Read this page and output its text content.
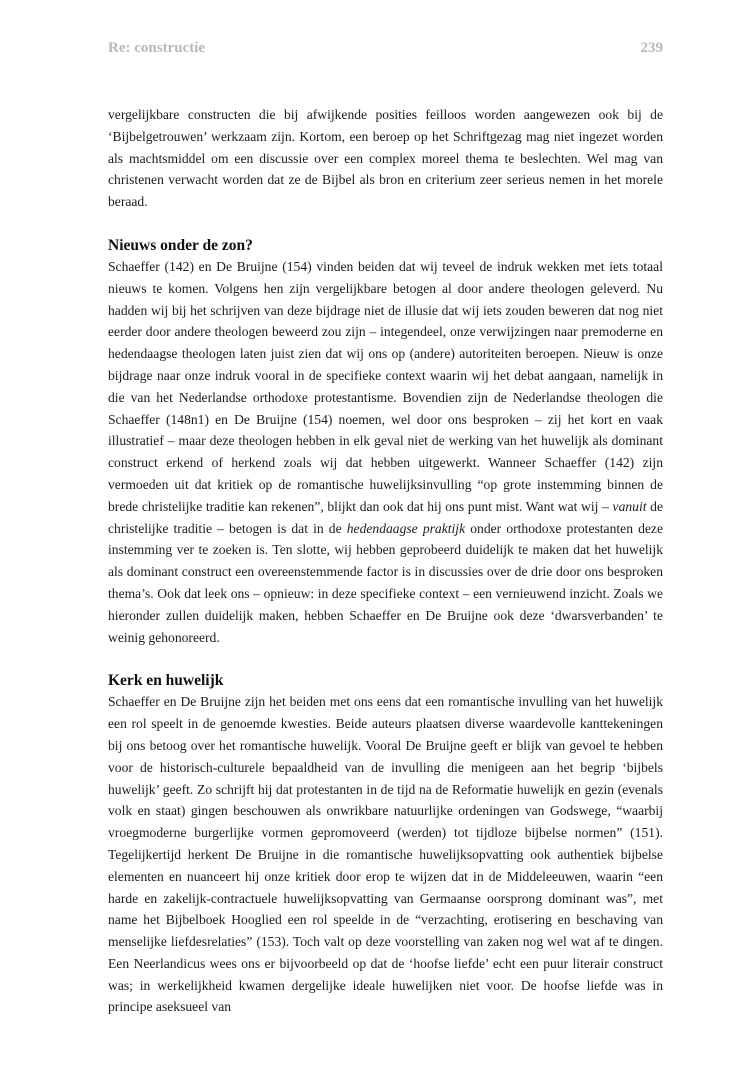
Re: constructie	239

vergelijkbare constructen die bij afwijkende posities feilloos worden aangewezen ook bij de ‘Bijbelgetrouwen’ werkzaam zijn. Kortom, een beroep op het Schriftgezag mag niet ingezet worden als machtsmiddel om een discussie over een complex moreel thema te beslechten. Wel mag van christenen verwacht worden dat ze de Bijbel als bron en criterium zeer serieus nemen in het morele beraad.

Nieuws onder de zon?

Schaeffer (142) en De Bruijne (154) vinden beiden dat wij teveel de indruk wekken met iets totaal nieuws te komen. Volgens hen zijn vergelijkbare betogen al door andere theologen geleverd. Nu hadden wij bij het schrijven van deze bijdrage niet de illusie dat wij iets zouden beweren dat nog niet eerder door andere theologen beweerd zou zijn – integendeel, onze verwijzingen naar premoderne en hedendaagse theologen laten juist zien dat wij ons op (andere) autoriteiten beroepen. Nieuw is onze bijdrage naar onze indruk vooral in de specifieke context waarin wij het debat aangaan, namelijk in die van het Nederlandse orthodoxe protestantisme. Bovendien zijn de Nederlandse theologen die Schaeffer (148n1) en De Bruijne (154) noemen, wel door ons besproken – zij het kort en vaak illustratief – maar deze theologen hebben in elk geval niet de werking van het huwelijk als dominant construct erkend of herkend zoals wij dat hebben uitgewerkt. Wanneer Schaeffer (142) zijn vermoeden uit dat kritiek op de romantische huwelijksinvulling “op grote instemming binnen de brede christelijke traditie kan rekenen”, blijkt dan ook dat hij ons punt mist. Want wat wij – vanuit de christelijke traditie – betogen is dat in de hedendaagse praktijk onder orthodoxe protestanten deze instemming ver te zoeken is. Ten slotte, wij hebben geprobeerd duidelijk te maken dat het huwelijk als dominant construct een overeenstemmende factor is in discussies over de drie door ons besproken thema’s. Ook dat leek ons – opnieuw: in deze specifieke context – een vernieuwend inzicht. Zoals we hieronder zullen duidelijk maken, hebben Schaeffer en De Bruijne ook deze ‘dwarsverbanden’ te weinig gehonoreerd.

Kerk en huwelijk

Schaeffer en De Bruijne zijn het beiden met ons eens dat een romantische invulling van het huwelijk een rol speelt in de genoemde kwesties. Beide auteurs plaatsen diverse waardevolle kanttekeningen bij ons betoog over het romantische huwelijk. Vooral De Bruijne geeft er blijk van gevoel te hebben voor de historisch-culturele bepaaldheid van de invulling die menigeen aan het begrip ‘bijbels huwelijk’ geeft. Zo schrijft hij dat protestanten in de tijd na de Reformatie huwelijk en gezin (evenals volk en staat) gingen beschouwen als onwrikbare natuurlijke ordeningen van Godswege, “waarbij vroegmoderne burgerlijke vormen gepromoveerd (werden) tot tijdloze bijbelse normen” (151). Tegelijkertijd herkent De Bruijne in die romantische huwelijksopvatting ook authentiek bijbelse elementen en nuanceert hij onze kritiek door erop te wijzen dat in de Middeleeuwen, waarin “een harde en zakelijk-contractuele huwelijksopvatting van Germaanse oorsprong dominant was”, met name het Bijbelboek Hooglied een rol speelde in de “verzachting, erotisering en beschaving van menselijke liefdesrelaties” (153). Toch valt op deze voorstelling van zaken nog wel wat af te dingen. Een Neerlandicus wees ons er bijvoorbeeld op dat de ‘hoofse liefde’ echt een puur literair construct was; in werkelijkheid kwamen dergelijke ideale huwelijken niet voor. De hoofse liefde was in principe aseksueel van
